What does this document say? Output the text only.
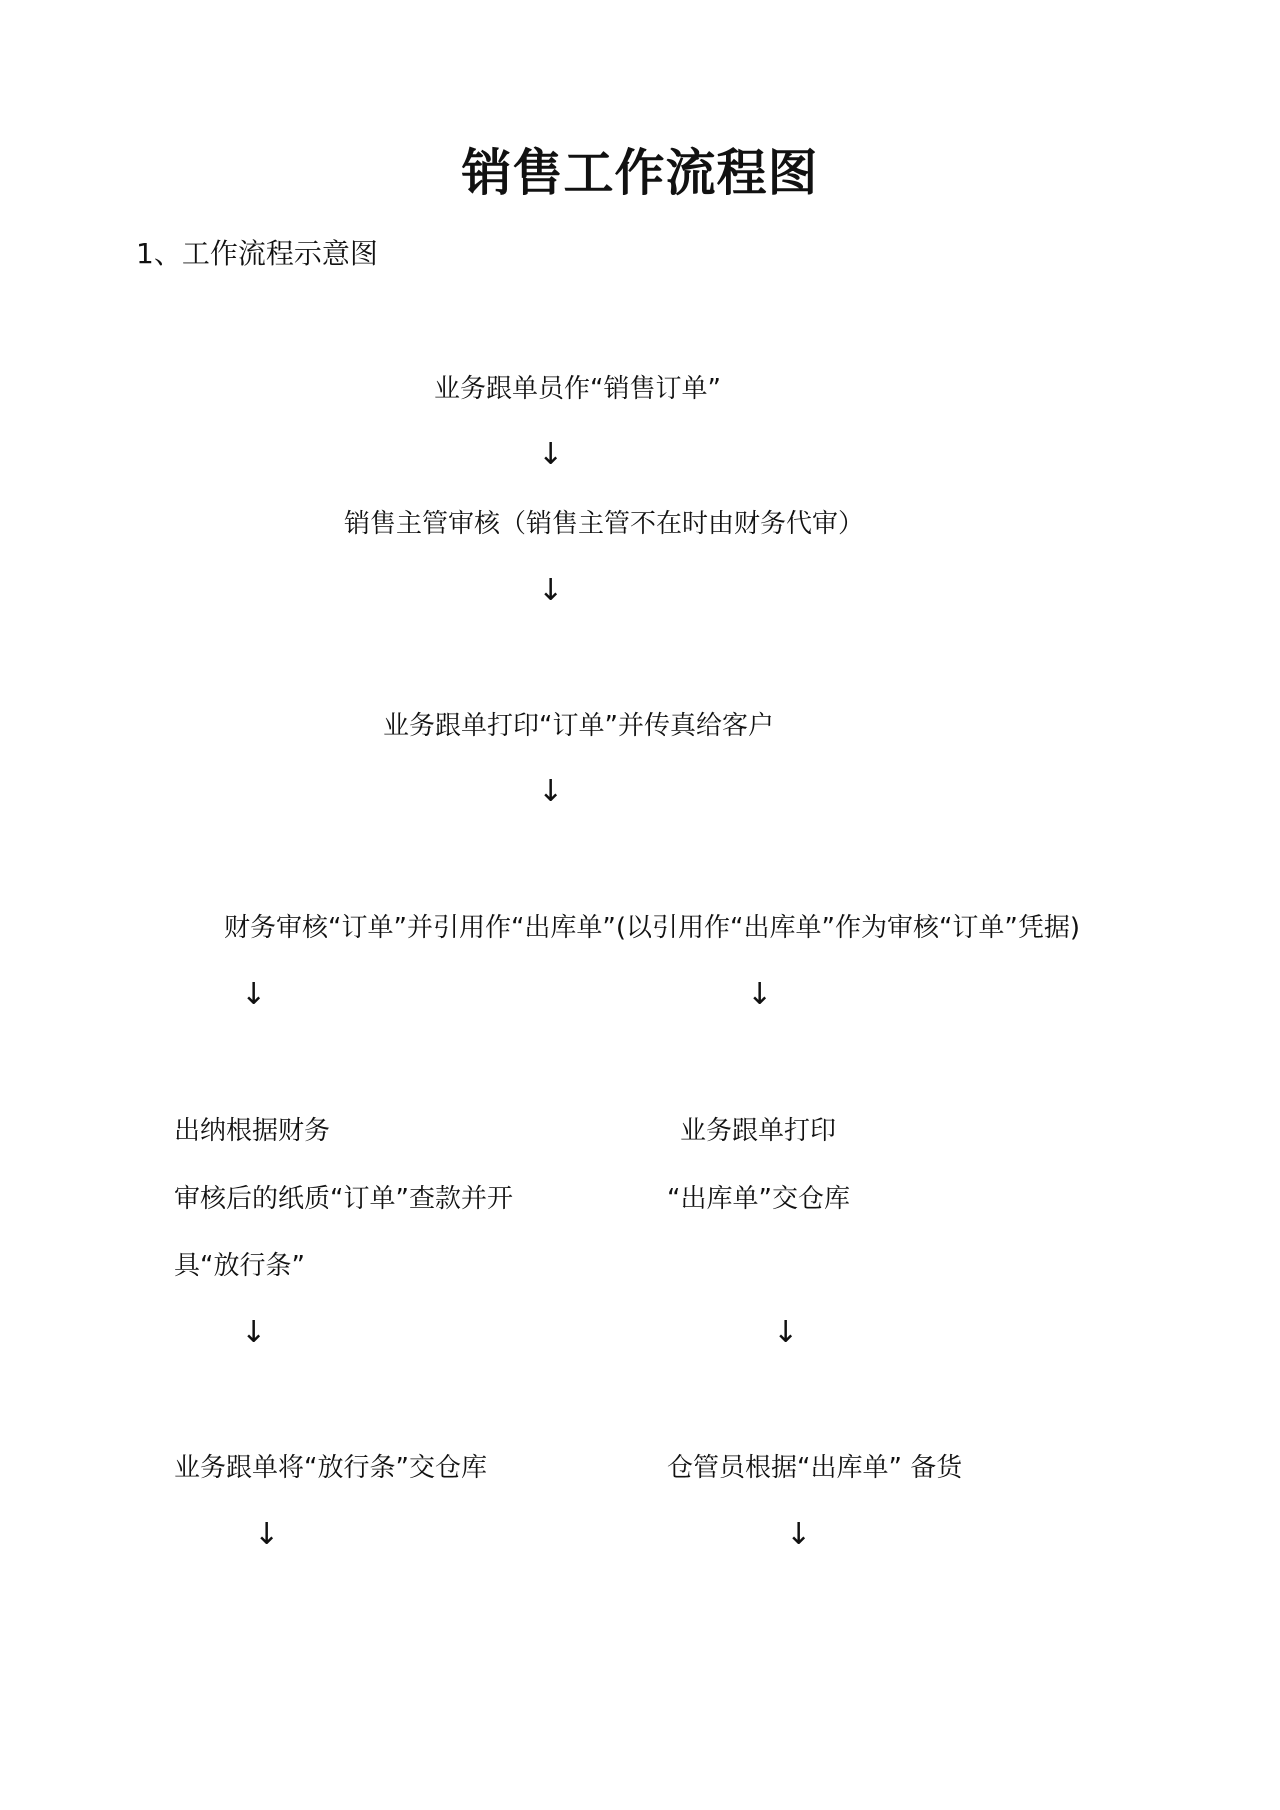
销售工作流程图
1、工作流程示意图
业务跟单员作“销售订单”
↓
销售主管审核（销售主管不在时由财务代审）
↓
业务跟单打印“订单”并传真给客户
↓
财务审核“订单”并引用作“出库单”(以引用作“出库单”作为审核“订单”凭据)
↓	↓
出纳根据财务
审核后的纸质“订单”查款并开
具“放行条”
↓
业务跟单将“放行条”交仓库
↓
业务跟单打印
“出库单”交仓库
↓
仓管员根据“出库单” 备货
↓
